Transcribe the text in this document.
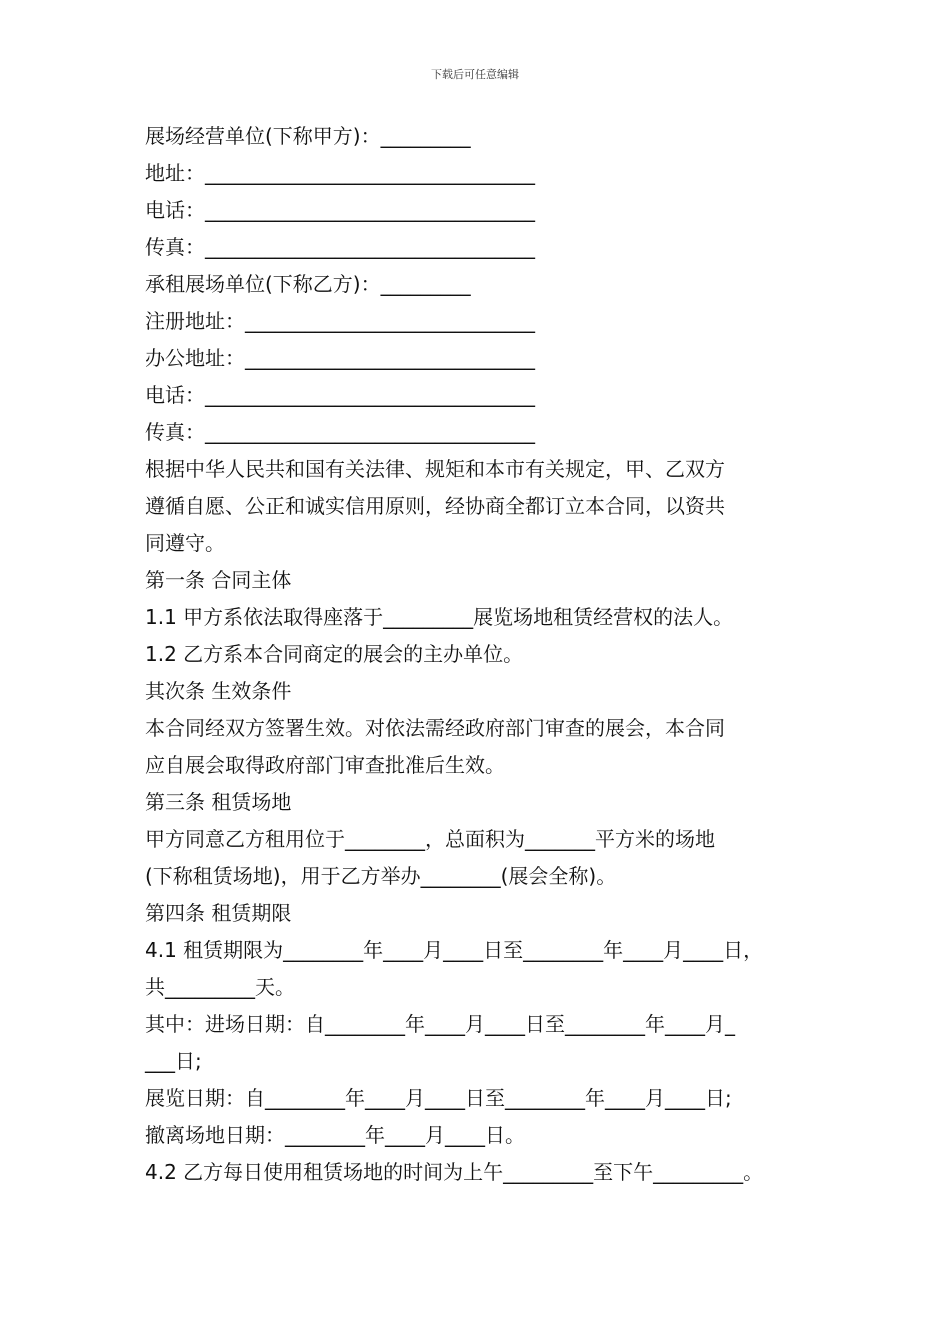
下载后可任意编辑

展场经营单位(下称甲方)：_________

地址：_________________________________

电话：_________________________________

传真：_________________________________

承租展场单位(下称乙方)：_________

注册地址：_____________________________

办公地址：_____________________________

电话：_________________________________

传真：_________________________________

根据中华人民共和国有关法律、规矩和本市有关规定，甲、乙双方

遵循自愿、公正和诚实信用原则，经协商全都订立本合同，以资共

同遵守。

第一条 合同主体

1.1 甲方系依法取得座落于_________展览场地租赁经营权的法人。

1.2 乙方系本合同商定的展会的主办单位。

其次条 生效条件

本合同经双方签署生效。对依法需经政府部门审查的展会，本合同

应自展会取得政府部门审查批准后生效。

第三条 租赁场地

甲方同意乙方租用位于________，总面积为_______平方米的场地

(下称租赁场地)，用于乙方举办________(展会全称)。

第四条 租赁期限

4.1 租赁期限为________年____月____日至________年____月____日，

共_________天。

其中：进场日期：自________年____月____日至________年____月_

___日;

展览日期：自________年____月____日至________年____月____日;

撤离场地日期：________年____月____日。

4.2 乙方每日使用租赁场地的时间为上午_________至下午_________。
